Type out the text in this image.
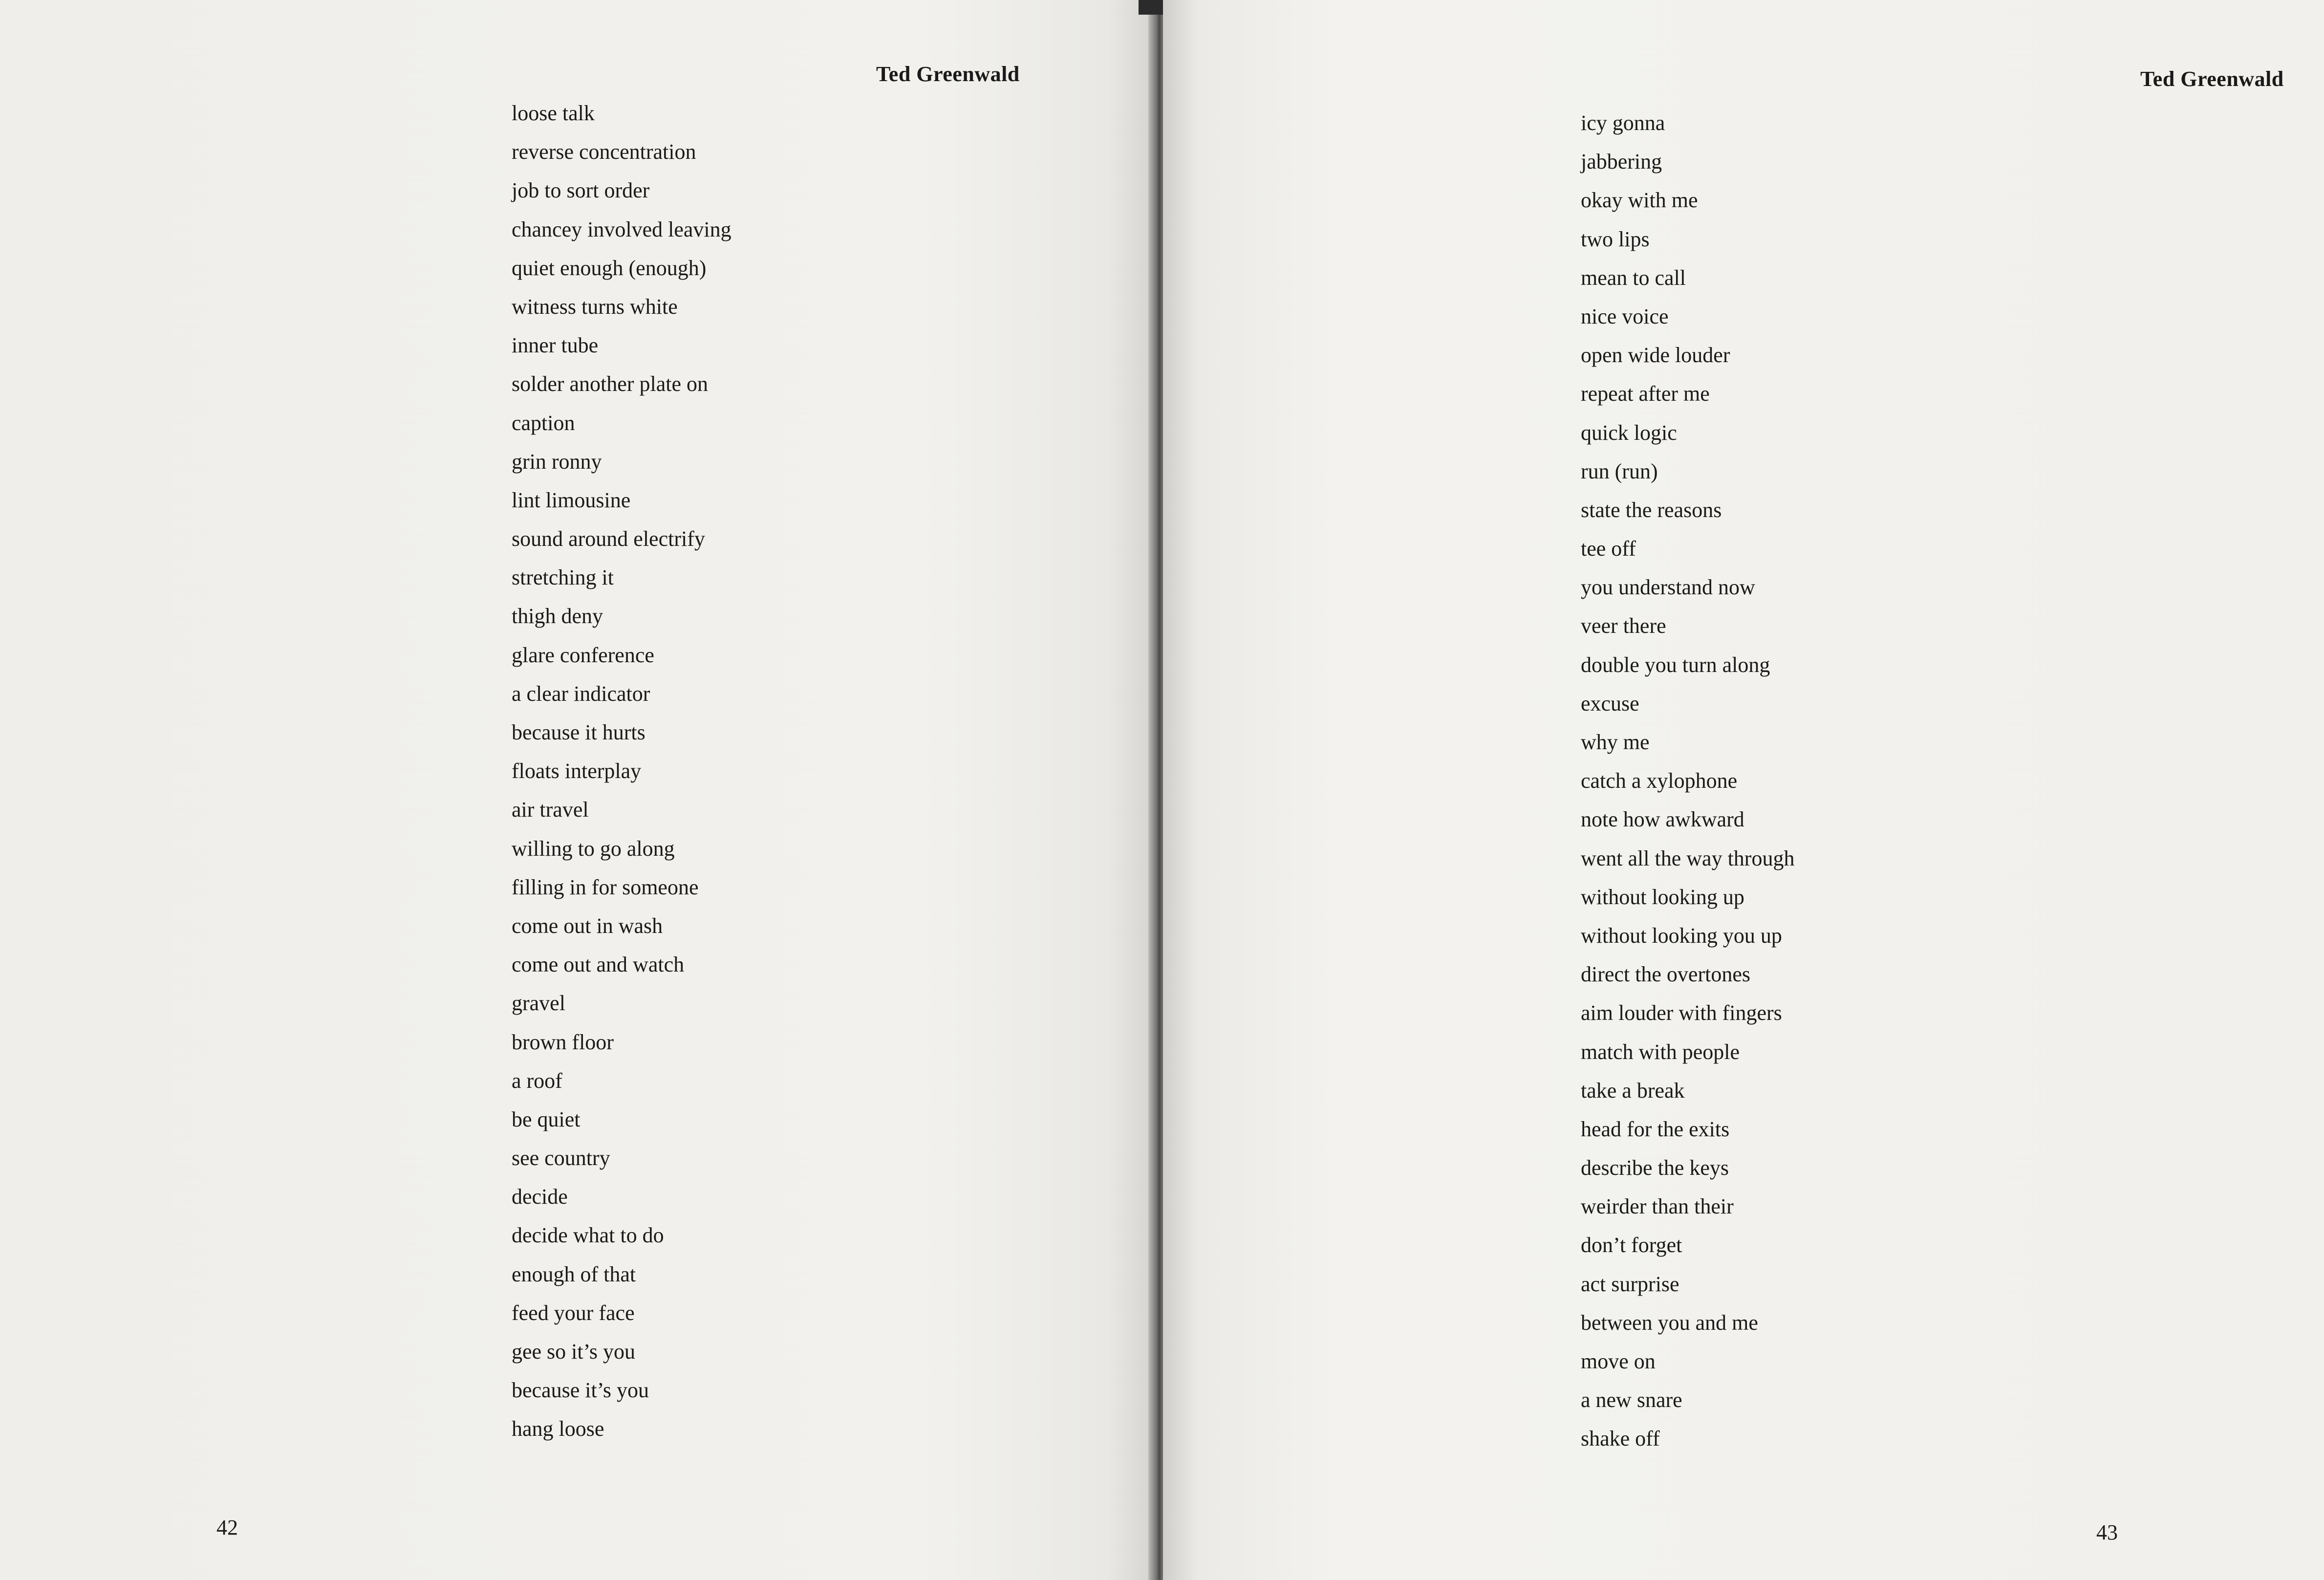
Ted Greenwald
loose talk
reverse concentration
job to sort order
chancey involved leaving
quiet enough (enough)
witness turns white
inner tube
solder another plate on
caption
grin ronny
lint limousine
sound around electrify
stretching it
thigh deny
glare conference
a clear indicator
because it hurts
floats interplay
air travel
willing to go along
filling in for someone
come out in wash
come out and watch
gravel
brown floor
a roof
be quiet
see country
decide
decide what to do
enough of that
feed your face
gee so it’s you
because it’s you
hang loose
42
Ted Greenwald
icy gonna
jabbering
okay with me
two lips
mean to call
nice voice
open wide louder
repeat after me
quick logic
run (run)
state the reasons
tee off
you understand now
veer there
double you turn along
excuse
why me
catch a xylophone
note how awkward
went all the way through
without looking up
without looking you up
direct the overtones
aim louder with fingers
match with people
take a break
head for the exits
describe the keys
weirder than their
don’t forget
act surprise
between you and me
move on
a new snare
shake off
43
